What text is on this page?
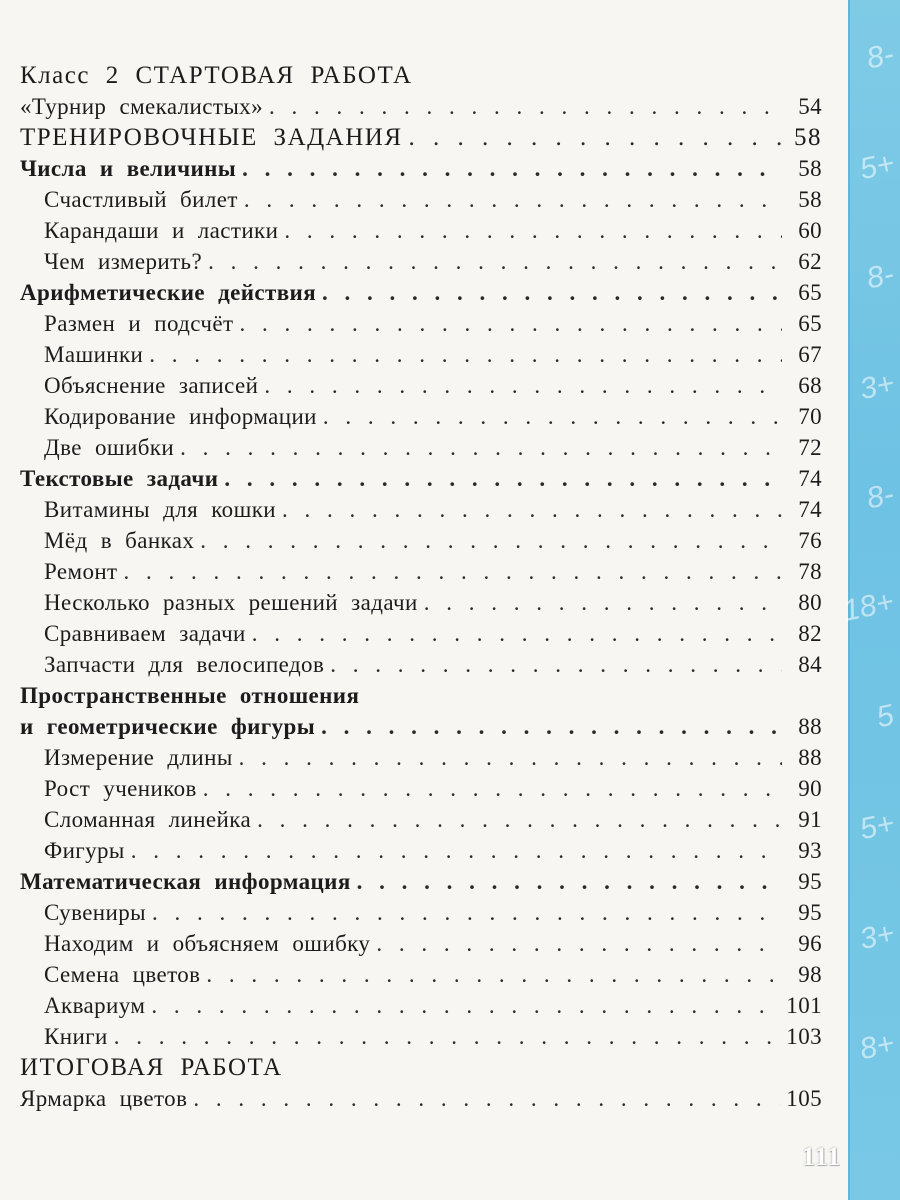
Класс 2 СТАРТОВАЯ РАБОТА
«Турнир смекалистых» . . .	54
ТРЕНИРОВОЧНЫЕ ЗАДАНИЯ . . .	58
Числа и величины . . .	58
Счастливый билет . . .	58
Карандаши и ластики . . .	60
Чем измерить? . . .	62
Арифметические действия . . .	65
Размен и подсчёт . . .	65
Машинки . . .	67
Объяснение записей . . .	68
Кодирование информации . . .	70
Две ошибки . . .	72
Текстовые задачи . . .	74
Витамины для кошки . . .	74
Мёд в банках . . .	76
Ремонт . . .	78
Несколько разных решений задачи . . .	80
Сравниваем задачи . . .	82
Запчасти для велосипедов . . .	84
Пространственные отношения
и геометрические фигуры . . .	88
Измерение длины . . .	88
Рост учеников . . .	90
Сломанная линейка . . .	91
Фигуры . . .	93
Математическая информация . . .	95
Сувениры . . .	95
Находим и объясняем ошибку . . .	96
Семена цветов . . .	98
Аквариум . . .	101
Книги . . .	103
ИТОГОВАЯ РАБОТА
Ярмарка цветов . . .	105
111
8-
5+
8-
3+
8-
18+
5
5+
3+
8+
